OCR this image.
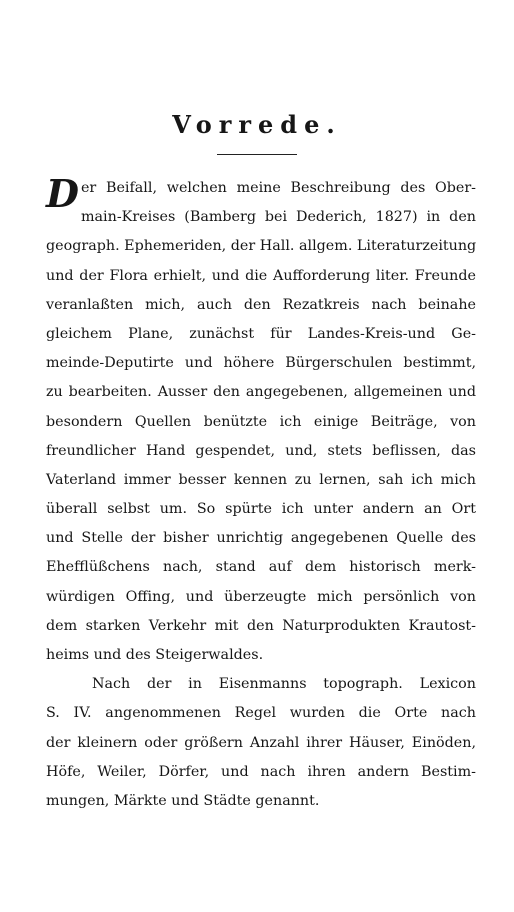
Vorrede.
Der Beifall, welchen meine Beschreibung des Ober-
main-Kreises (Bamberg bei Dederich, 1827) in den
geograph. Ephemeriden, der Hall. allgem. Literaturzeitung
und der Flora erhielt, und die Aufforderung liter. Freunde
veranlaßten mich, auch den Rezatkreis nach beinahe
gleichem Plane, zunächst für Landes-Kreis-und Ge-
meinde-Deputirte und höhere Bürgerschulen bestimmt,
zu bearbeiten. Ausser den angegebenen, allgemeinen und
besondern Quellen benützte ich einige Beiträge, von
freundlicher Hand gespendet, und, stets beflissen, das
Vaterland immer besser kennen zu lernen, sah ich mich
überall selbst um. So spürte ich unter andern an Ort
und Stelle der bisher unrichtig angegebenen Quelle des
Ehefflüßchens nach, stand auf dem historisch merk-
würdigen Offing, und überzeugte mich persönlich von
dem starken Verkehr mit den Naturprodukten Krautost-
heims und des Steigerwaldes.
Nach der in Eisenmanns topograph. Lexicon
S. IV. angenommenen Regel wurden die Orte nach
der kleinern oder größern Anzahl ihrer Häuser, Einöden,
Höfe, Weiler, Dörfer, und nach ihren andern Bestim-
mungen, Märkte und Städte genannt.
